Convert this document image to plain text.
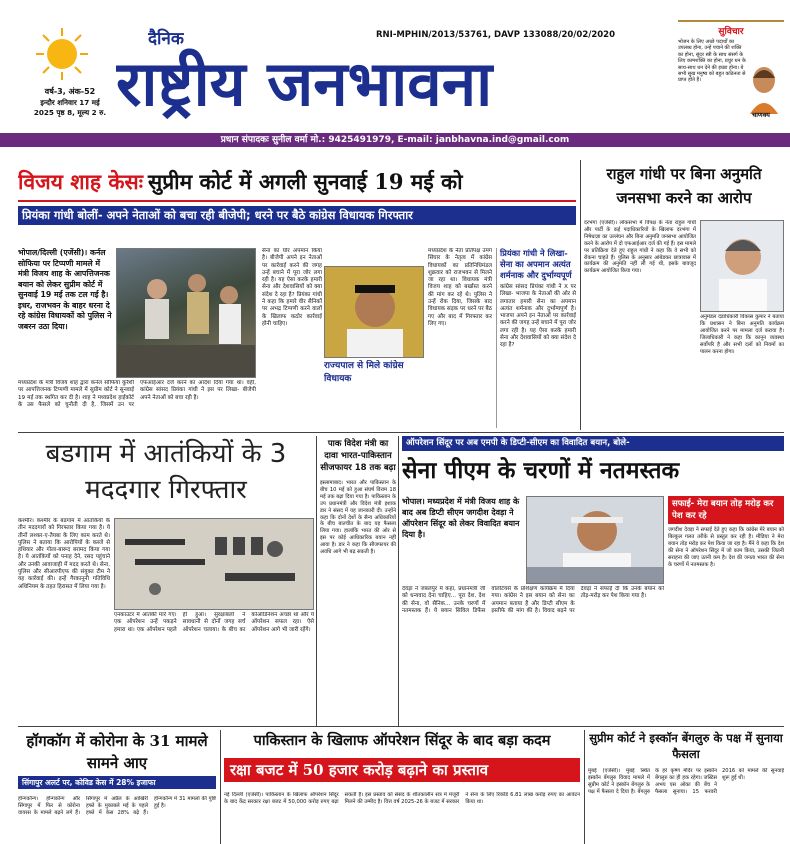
वर्ष-3, अंक-52
इन्दौर शनिवार 17 मई
2025 पृष्ठ 8, मूल्य 2 रु.
दैनिक	RNI-MPHIN/2013/53761, DAVP 133088/20/02/2020
राष्ट्रीय जनभावना
सुविचार
भोजन के लिए अच्छे पदार्थों का उपलब्ध होना, उन्हें पचाने की शक्ति का होना, सुंदर स्त्री के साथ संसर्ग के लिए कामशक्ति का होना, प्रचुर धन के साथ-साथ धन देने की इच्छा होना। ये सभी सुख मनुष्य को बहुत कठिनता से प्राप्त होते हैं।
चाणक्य
प्रधान संपादकः सुनील वर्मा मो.: 9425491979, E-mail: janbhavna.ind@gmail.com
विजय शाह केसः सुप्रीम कोर्ट में अगली सुनवाई 19 मई को
प्रियंका गांधी बोलीं- अपने नेताओं को बचा रही बीजेपी; धरने पर बैठे कांग्रेस विधायक गिरफ्तार
भोपाल/दिल्ली (एजेंसी)। कर्नल सोफिया पर टिप्पणी मामले में मंत्री विजय शाह के आपत्तिजनक बयान को लेकर सुप्रीम कोर्ट में सुनवाई 19 मई तक टल गई है। इधर, राजभवन के बाहर धरना दे रहे कांग्रेस विधायकों को पुलिस ने जबरन उठा दिया।
मध्यप्रदेश के मंत्री विजय शाह द्वारा कर्नल सोफिया कुरैशी पर आपत्तिजनक टिप्पणी मामले में सुप्रीम कोर्ट ने सुनवाई 19 मई तक स्थगित कर दी है। शाह ने मध्यप्रदेश हाईकोर्ट के उस फैसले को चुनौती दी है, जिसमें उन पर एफआईआर दर्ज करने का आदेश दिया गया था। वहीं, कांग्रेस सांसद प्रियंका गांधी ने इस पर लिखा- बीजेपी अपने नेताओं को बचा रही है।
सेना का घोर अपमान किया है। बीजेपी अपने इन नेताओं पर कार्रवाई करने की जगह उन्हें बचाने में पूरा जोर लगा रही है। यह ऐसा करके हमारी सेना और देशवासियों को क्या संदेश दे रहा है? प्रियंका गांधी ने कहा कि हमारे वीर सैनिकों पर अभद्र टिप्पणी करने वालों के खिलाफ कठोर कार्रवाई होनी चाहिए।
राज्यपाल से मिले कांग्रेस विधायक
मध्यप्रदेश के नेता प्रतिपक्ष उमंग सिंघार के नेतृत्व में कांग्रेस विधायकों का प्रतिनिधिमंडल शुक्रवार को राजभवन से मिलने जा रहा था। विधायक मंत्री विजय शाह को बर्खास्त करने की मांग कर रहे थे। पुलिस ने उन्हें रोक दिया, जिसके बाद विधायक सड़क पर धरने पर बैठ गए और बाद में गिरफ्तार कर लिए गए।
प्रियंका गांधी ने लिखा- सेना का अपमान अत्यंत शर्मनाक और दुर्भाग्यपूर्ण
कांग्रेस सांसद प्रियंका गांधी ने X पर लिखा- भाजपा के नेताओं की ओर से लगातार हमारी सेना का अपमान अत्यंत शर्मनाक और दुर्भाग्यपूर्ण है। भाजपा अपने इन नेताओं पर कार्रवाई करने की जगह उन्हें बचाने में पूरा जोर लगा रही है। यह ऐसा करके हमारी सेना और देशवासियों को क्या संदेश दे रहा है?
राहुल गांधी पर बिना अनुमति जनसभा करने का आरोप
दरभंगा (एजेंसी)। लोकसभा में विपक्ष के नेता राहुल गांधी और पार्टी के कई पदाधिकारियों के खिलाफ दरभंगा में निषेधाज्ञा का उल्लंघन और बिना अनुमति जनसभा आयोजित करने के आरोप में दो एफआईआर दर्ज की गई हैं। इस मामले पर प्रतिक्रिया देते हुए राहुल गांधी ने कहा कि वे सभी को रोकना चाहते हैं। पुलिस के अनुसार आंबेडकर छात्रावास में कार्यक्रम की अनुमति नहीं ली गई थी, इसके बावजूद कार्यक्रम आयोजित किया गया।
अनुमंडल दंडाधिकारी विकास कुमार ने बताया कि प्रशासन ने बिना अनुमति कार्यक्रम आयोजित करने पर मामला दर्ज कराया है। जिलाधिकारी ने कहा कि कानून व्यवस्था सर्वोपरि है और सभी दलों को नियमों का पालन करना होगा।
बडगाम में आतंकियों के 3 मददगार गिरफ्तार
कश्मीर। कश्मीर के बडगाम में आतंकियों के तीन मददगारों को गिरफ्तार किया गया है। ये तीनों लश्कर-ए-तैयबा के लिए काम करते थे। पुलिस ने बताया कि आरोपियों के कब्जे से हथियार और गोला-बारूद बरामद किया गया है। ये आतंकियों को पनाह देने, रसद पहुंचाने और उनकी आवाजाही में मदद करते थे। सेना, पुलिस और सीआरपीएफ की संयुक्त टीम ने यह कार्रवाई की। इन्हें गैरकानूनी गतिविधि अधिनियम के तहत हिरासत में लिया गया है।
एनकाउंटर में आतंकी मारे गए। एक ऑपरेशन उन्हें पकड़ने हमारा था। एक ऑपरेशन पहले ही हुआ। सुरक्षाबलों ने सावधानी से दोनों जगह सर्च ऑपरेशन चलाया। के बीच का कोऑर्डिनेशन अच्छा था और ये ऑपरेशन सफल रहा। ऐसे ऑपरेशन आगे भी जारी रहेंगे।
पाक विदेश मंत्री का दावा भारत-पाकिस्तान सीजफायर 18 तक बढ़ा
इस्लामाबाद। भारत और पाकिस्तान के बीच 10 मई को हुआ संघर्ष विराम 18 मई तक बढ़ा दिया गया है। पाकिस्तान के उप प्रधानमंत्री और विदेश मंत्री इशाक डार ने संसद में यह जानकारी दी। उन्होंने कहा कि दोनों देशों के सैन्य अधिकारियों के बीच बातचीत के बाद यह फैसला लिया गया। हालांकि भारत की ओर से इस पर कोई आधिकारिक बयान नहीं आया है। डार ने कहा कि सीजफायर की अवधि आगे भी बढ़ सकती है।
ऑपरेशन सिंदूर पर अब एमपी के डिप्टी-सीएम का विवादित बयान, बोले-
सेना पीएम के चरणों में नतमस्तक
भोपाल। मध्यप्रदेश में मंत्री विजय शाह के बाद अब डिप्टी सीएम जगदीश देवड़ा ने ऑपरेशन सिंदूर को लेकर विवादित बयान दिया है।
देवड़ा ने जबलपुर में कहा, प्रधानमंत्री जी को धन्यवाद देना चाहिए... पूरा देश, देश की सेना, वो सैनिक... उनके चरणों में नतमस्तक हैं। ये बयान सिविल डिफेंस वॉलंटियर्स के प्रशिक्षण कार्यक्रम में दिया गया। कांग्रेस ने इस बयान को सेना का अपमान बताया है और डिप्टी सीएम के इस्तीफे की मांग की है। विवाद बढ़ने पर देवड़ा ने सफाई दी कि उनके बयान को तोड़-मरोड़ कर पेश किया गया है।
सफाई- मेरा बयान तोड़ मरोड़ कर पेश कर रहे
जगदीश देवड़ा ने सफाई देते हुए कहा कि कांग्रेस मेरे बयान को बिल्कुल गलत तरीके से प्रस्तुत कर रही है। मीडिया ने मेरा बयान तोड़ मरोड़ कर पेश किया जा रहा है। मैंने ये कहा कि देश की सेना ने ऑपरेशन सिंदूर में जो काम किया, उसकी जितनी सराहना की जाए उतनी कम है। देश की जनता भारत की सेना के चरणों में नतमस्तक है।
हॉगकॉग में कोरोना के 31 मामले सामने आए
सिंगापुर अलर्ट पर, कोविड केस में 28% इजाफा
हॉन्गकॉन्ग। हॉन्गकॉन्ग और सिंगापुर में फिर से कोरोना वायरस के मामले बढ़ने लगे हैं। सिंगापुर में अप्रैल के आखिरी हफ्ते के मुकाबले मई के पहले हफ्ते में केस 28% बढ़े हैं। हॉन्गकॉन्ग में 31 मामलों की पुष्टि हुई है।
पाकिस्तान के खिलाफ ऑपरेशन सिंदूर के बाद बड़ा कदम
रक्षा बजट में 50 हजार करोड़ बढ़ाने का प्रस्ताव
नई दिल्ली (एजेंसी)। पाकिस्तान के खिलाफ ऑपरेशन सिंदूर के बाद केंद्र सरकार रक्षा बजट में 50,000 करोड़ रुपए बढ़ा सकती है। इस प्रस्ताव को संसद के शीतकालीन सत्र में मंजूरी मिलने की उम्मीद है। वित्त वर्ष 2025-26 के बजट में सरकार ने सेना के लिए रिकॉर्ड 6.81 लाख करोड़ रुपए का आवंटन किया था।
सुप्रीम कोर्ट ने इस्कॉन बेंगलुरु के पक्ष में सुनाया फैसला
मुंबई (एजेंसी)। मुंबई स्थित इस्कॉन बेंगलुरु विवाद मामले में सुप्रीम कोर्ट ने इस्कॉन बेंगलुरु के पक्ष में फैसला दे दिया है। बेंगलुरु के हरे कृष्ण मंदिर पर इस्कॉन बेंगलुरु का ही हक रहेगा। जस्टिस अभय एस ओका की बेंच ने फैसला सुनाया। 15 फरवरी 2016 को मामले की सुनवाई शुरू हुई थी।
